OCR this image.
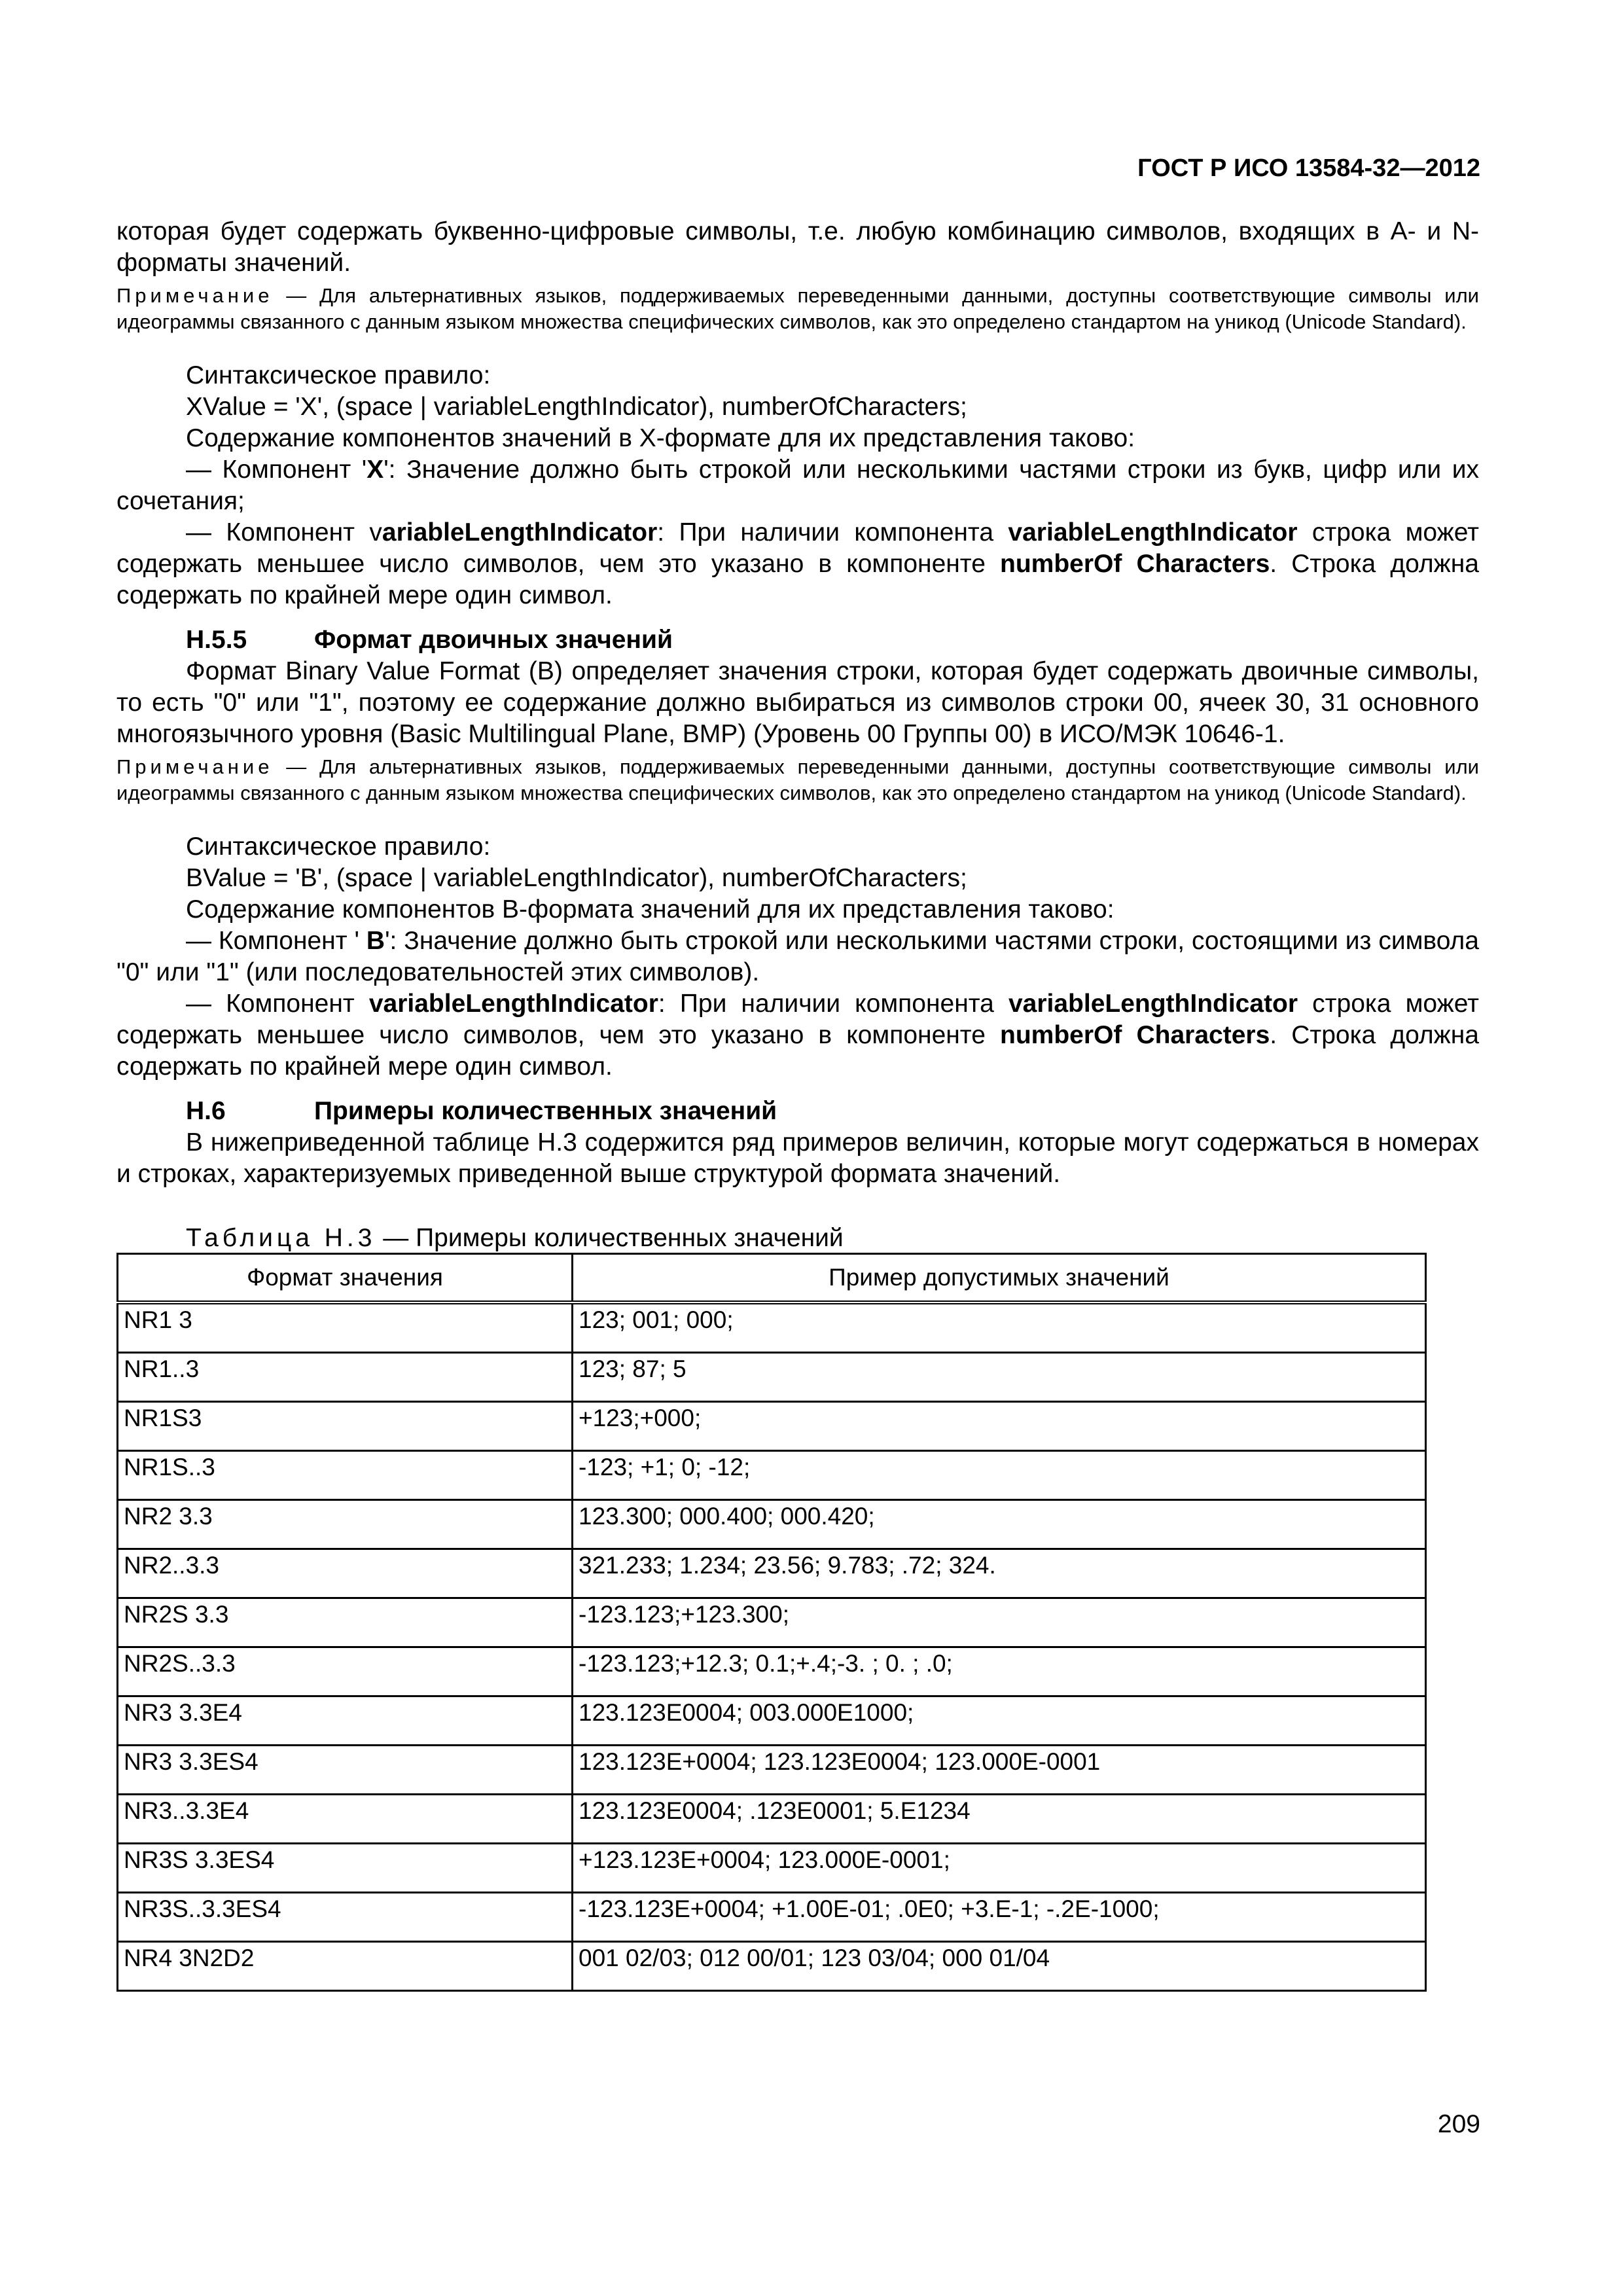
ГОСТ Р ИСО 13584-32—2012

которая будет содержать буквенно-цифровые символы, т.е. любую комбинацию символов, входящих в А- и N-форматы значений.

Примечание — Для альтернативных языков, поддерживаемых переведенными данными, доступны соответствующие символы или идеограммы связанного с данным языком множества специфических символов, как это определено стандартом на уникод (Unicode Standard).

Синтаксическое правило:

XValue = 'X', (space | variableLengthIndicator), numberOfCharacters;

Содержание компонентов значений в Х-формате для их представления таково:

— Компонент 'X': Значение должно быть строкой или несколькими частями строки из букв, цифр или их сочетания;

— Компонент variableLengthIndicator: При наличии компонента variableLengthIndicator строка может содержать меньшее число символов, чем это указано в компоненте numberOf Characters. Строка должна содержать по крайней мере один символ.

H.5.5	Формат двоичных значений

Формат Binary Value Format (B) определяет значения строки, которая будет содержать двоичные символы, то есть "0" или "1", поэтому ее содержание должно выбираться из символов строки 00, ячеек 30, 31 основного многоязычного уровня (Basic Multilingual Plane, BMP) (Уровень 00 Группы 00) в ИСО/МЭК 10646-1.

Примечание — Для альтернативных языков, поддерживаемых переведенными данными, доступны соответствующие символы или идеограммы связанного с данным языком множества специфических символов, как это определено стандартом на уникод (Unicode Standard).

Синтаксическое правило:

BValue = 'B', (space | variableLengthIndicator), numberOfCharacters;

Содержание компонентов B-формата значений для их представления таково:

— Компонент ' B': Значение должно быть строкой или несколькими частями строки, состоящими из символа "0" или "1" (или последовательностей этих символов).

— Компонент variableLengthIndicator: При наличии компонента variableLengthIndicator строка может содержать меньшее число символов, чем это указано в компоненте numberOf Characters. Строка должна содержать по крайней мере один символ.

H.6	Примеры количественных значений

В нижеприведенной таблице Н.3 содержится ряд примеров величин, которые могут содержаться в номерах и строках, характеризуемых приведенной выше структурой формата значений.

Таблица Н.3 — Примеры количественных значений

Формат значения	Пример допустимых значений
NR1 3	123; 001; 000;
NR1..3	123; 87; 5
NR1S3	+123;+000;
NR1S..3	-123; +1; 0; -12;
NR2 3.3	123.300; 000.400; 000.420;
NR2..3.3	321.233; 1.234; 23.56; 9.783; .72; 324.
NR2S 3.3	-123.123;+123.300;
NR2S..3.3	-123.123;+12.3; 0.1;+.4;-3. ; 0. ; .0;
NR3 3.3E4	123.123E0004; 003.000E1000;
NR3 3.3ES4	123.123E+0004; 123.123E0004; 123.000E-0001
NR3..3.3E4	123.123E0004; .123E0001; 5.E1234
NR3S 3.3ES4	+123.123E+0004; 123.000E-0001;
NR3S..3.3ES4	-123.123E+0004; +1.00E-01; .0E0; +3.E-1; -.2E-1000;
NR4 3N2D2	001 02/03; 012 00/01; 123 03/04; 000 01/04
209
